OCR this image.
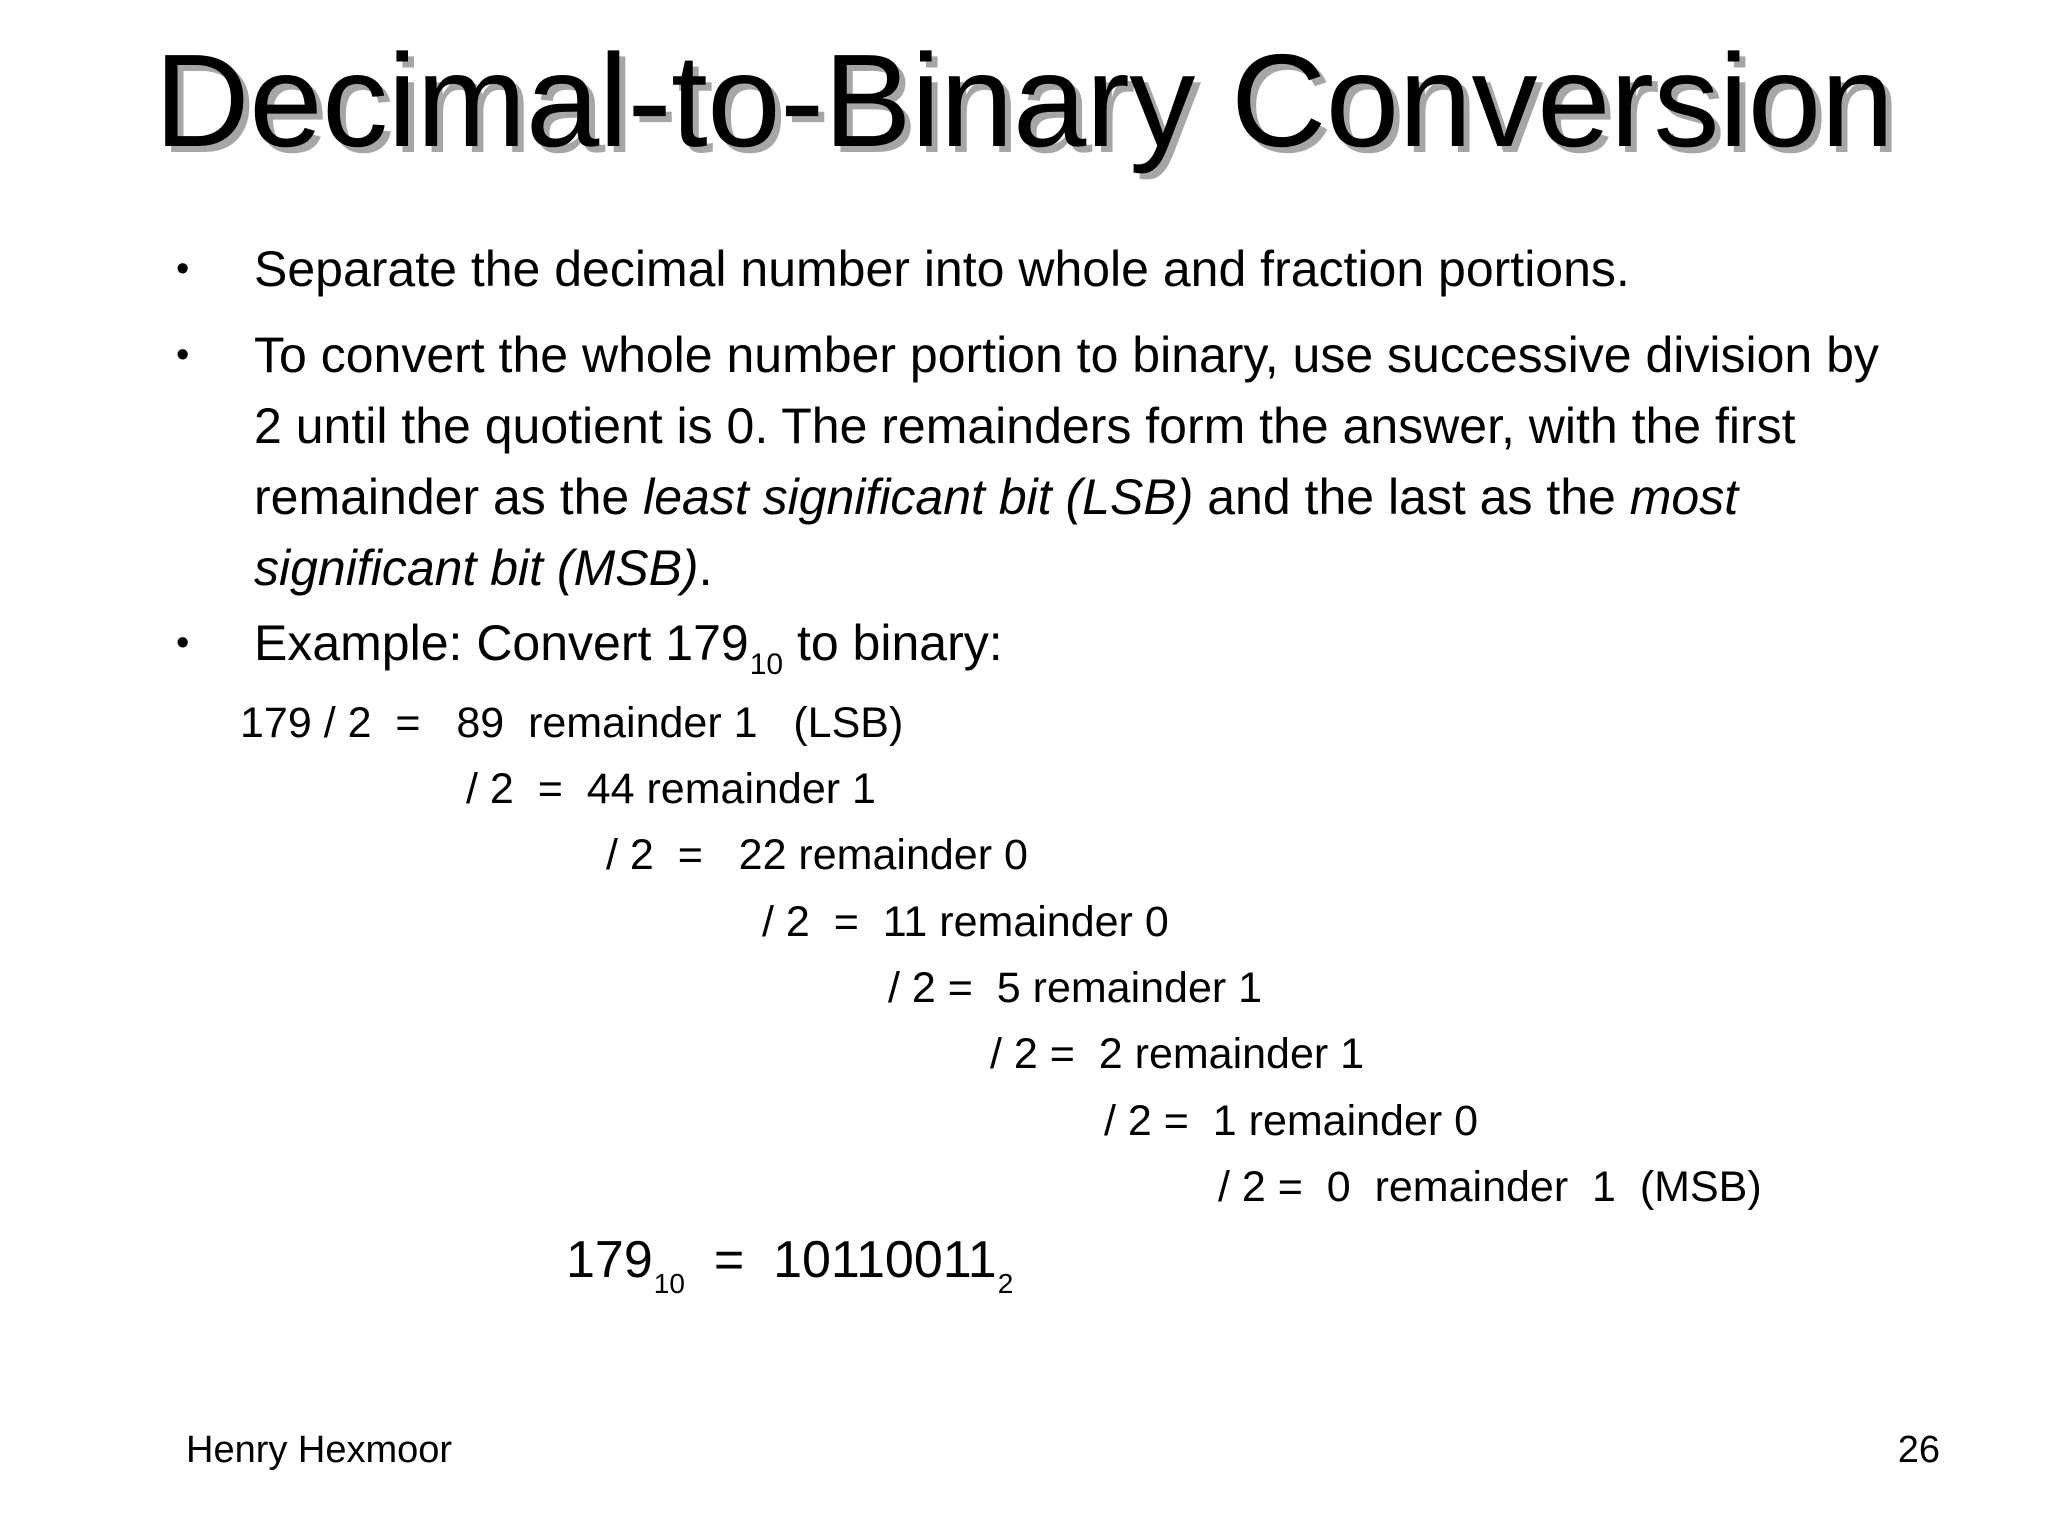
Decimal-to-Binary Conversion
• Separate the decimal number into whole and fraction portions.
• To convert the whole number portion to binary, use successive division by
2 until the quotient is 0. The remainders form the answer, with the first
remainder as the least significant bit (LSB) and the last as the most
significant bit (MSB).
• Example: Convert $179_{10}$ to binary:
179 / 2  =   89  remainder 1   (LSB)
/ 2  =  44 remainder 1
/ 2  =   22 remainder 0
/ 2  =  11 remainder 0
/ 2 =  5 remainder 1
/ 2 =  2 remainder 1
/ 2 =  1 remainder 0
/ 2 =  0  remainder  1  (MSB)
$179_{10} = 10110011_2$
Henry Hexmoor	26
